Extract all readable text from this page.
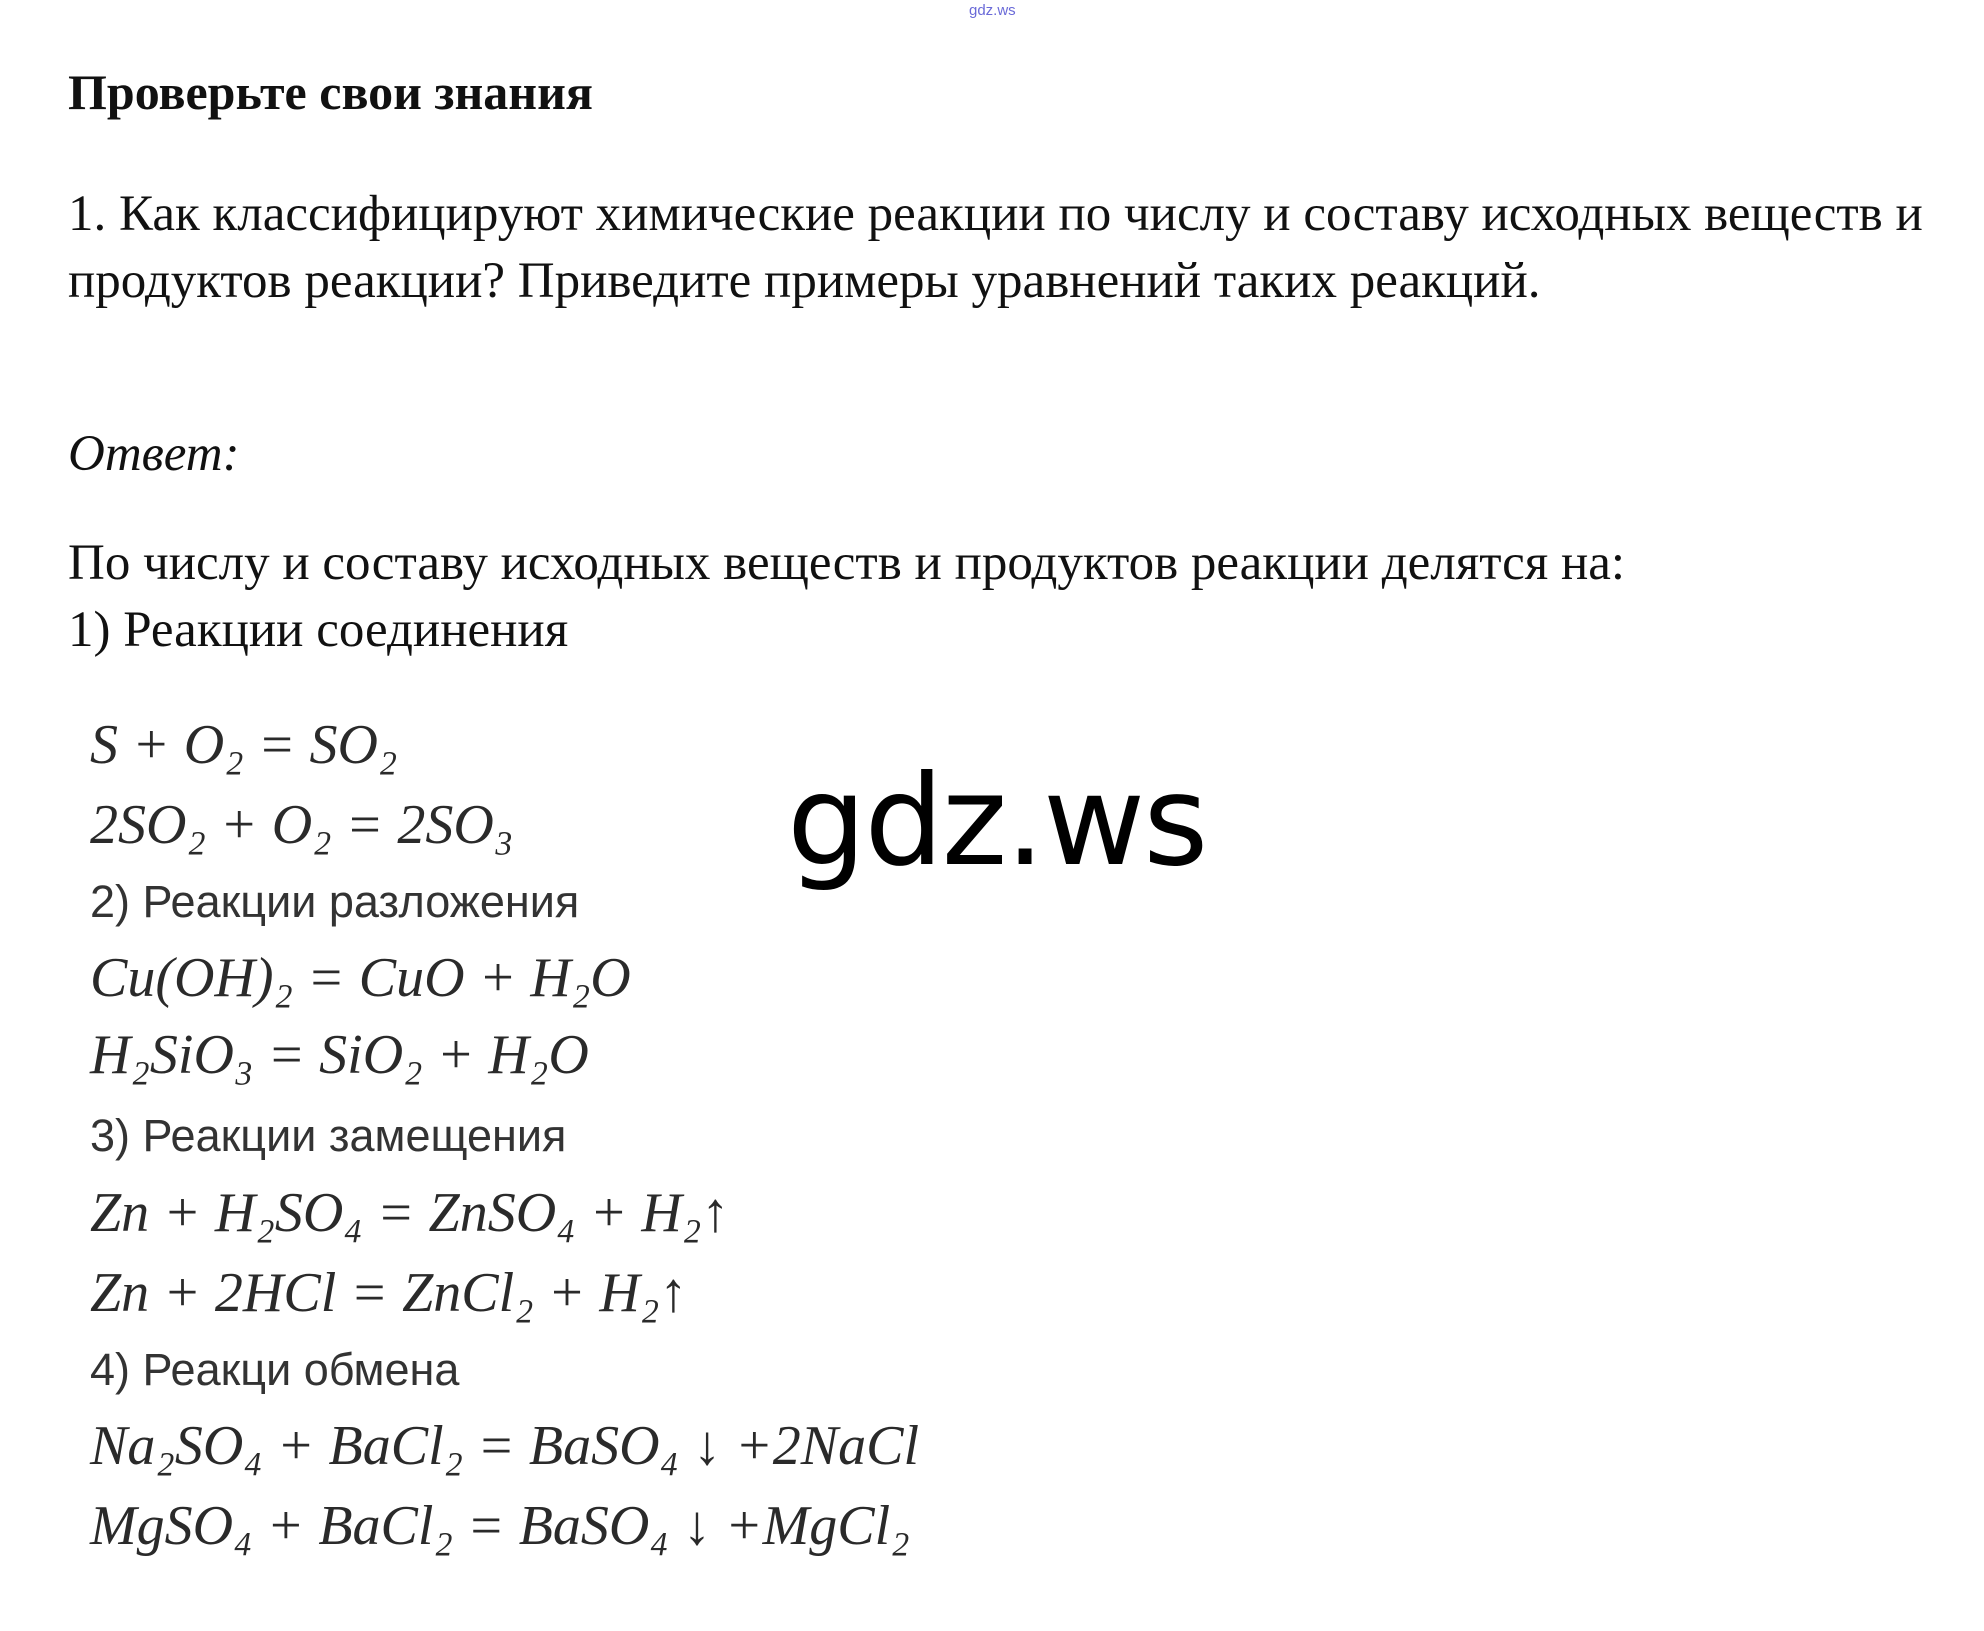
gdz.ws
Проверьте свои знания
1. Как классифицируют химические реакции по числу и составу исходных веществ и продуктов реакции? Приведите примеры уравнений таких реакций.
Ответ:
По числу и составу исходных веществ и продуктов реакции делятся на:
1) Реакции соединения
S + O₂ = SO₂
2SO₂ + O₂ = 2SO₃
2) Реакции разложения
Cu(OH)₂ = CuO + H₂O
H₂SiO₃ = SiO₂ + H₂O
3) Реакции замещения
Zn + H₂SO₄ = ZnSO₄ + H₂↑
Zn + 2HCl = ZnCl₂ + H₂↑
4) Реакци обмена
Na₂SO₄ + BaCl₂ = BaSO₄ ↓ +2NaCl
MgSO₄ + BaCl₂ = BaSO₄ ↓ +MgCl₂
gdz.ws
